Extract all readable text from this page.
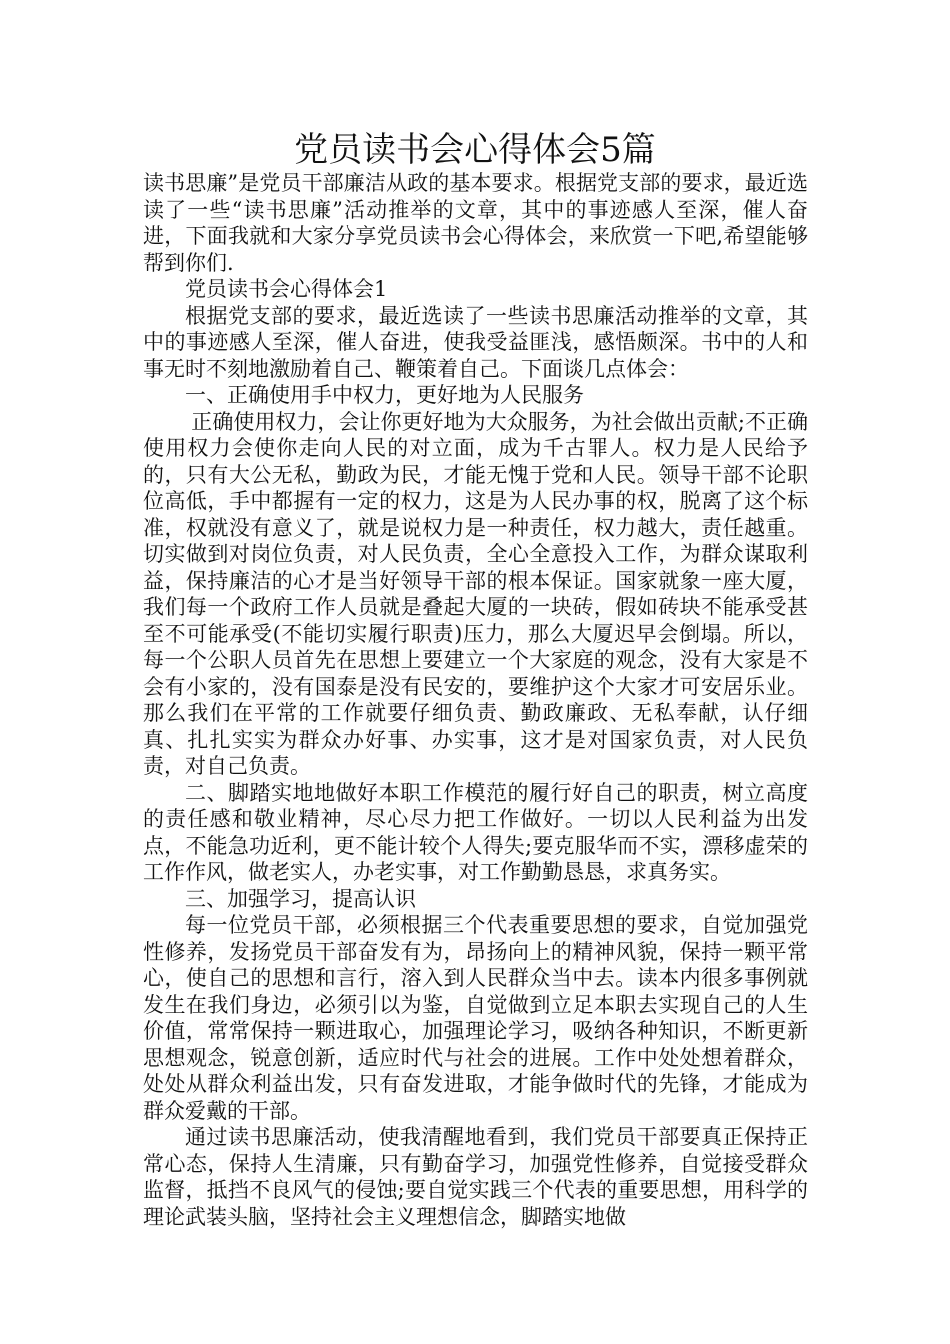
党员读书会心得体会5篇

读书思廉”是党员干部廉洁从政的基本要求。根据党支部的要求，最近选读了一些“读书思廉”活动推举的文章，其中的事迹感人至深，催人奋进，下面我就和大家分享党员读书会心得体会，来欣赏一下吧,希望能够帮到你们.

党员读书会心得体会1

根据党支部的要求，最近选读了一些读书思廉活动推举的文章，其中的事迹感人至深，催人奋进，使我受益匪浅，感悟颇深。书中的人和事无时不刻地激励着自己、鞭策着自己。下面谈几点体会：

一、正确使用手中权力，更好地为人民服务

正确使用权力，会让你更好地为大众服务，为社会做出贡献;不正确使用权力会使你走向人民的对立面，成为千古罪人。权力是人民给予的，只有大公无私，勤政为民，才能无愧于党和人民。领导干部不论职位高低，手中都握有一定的权力，这是为人民办事的权，脱离了这个标准，权就没有意义了，就是说权力是一种责任，权力越大，责任越重。切实做到对岗位负责，对人民负责，全心全意投入工作，为群众谋取利益，保持廉洁的心才是当好领导干部的根本保证。国家就象一座大厦，我们每一个政府工作人员就是叠起大厦的一块砖，假如砖块不能承受甚至不可能承受(不能切实履行职责)压力，那么大厦迟早会倒塌。所以，每一个公职人员首先在思想上要建立一个大家庭的观念，没有大家是不会有小家的，没有国泰是没有民安的，要维护这个大家才可安居乐业。那么我们在平常的工作就要仔细负责、勤政廉政、无私奉献，认仔细真、扎扎实实为群众办好事、办实事，这才是对国家负责，对人民负责，对自己负责。

二、脚踏实地地做好本职工作模范的履行好自己的职责，树立高度的责任感和敬业精神，尽心尽力把工作做好。一切以人民利益为出发点，不能急功近利，更不能计较个人得失;要克服华而不实，漂移虚荣的工作作风，做老实人，办老实事，对工作勤勤恳恳，求真务实。

三、加强学习，提高认识

每一位党员干部，必须根据三个代表重要思想的要求，自觉加强党性修养，发扬党员干部奋发有为，昂扬向上的精神风貌，保持一颗平常心，使自己的思想和言行，溶入到人民群众当中去。读本内很多事例就发生在我们身边，必须引以为鉴，自觉做到立足本职去实现自己的人生价值，常常保持一颗进取心，加强理论学习，吸纳各种知识，不断更新思想观念，锐意创新，适应时代与社会的进展。工作中处处想着群众，处处从群众利益出发，只有奋发进取，才能争做时代的先锋，才能成为群众爱戴的干部。

通过读书思廉活动，使我清醒地看到，我们党员干部要真正保持正常心态，保持人生清廉，只有勤奋学习，加强党性修养，自觉接受群众监督，抵挡不良风气的侵蚀;要自觉实践三个代表的重要思想，用科学的理论武装头脑，坚持社会主义理想信念，脚踏实地做
